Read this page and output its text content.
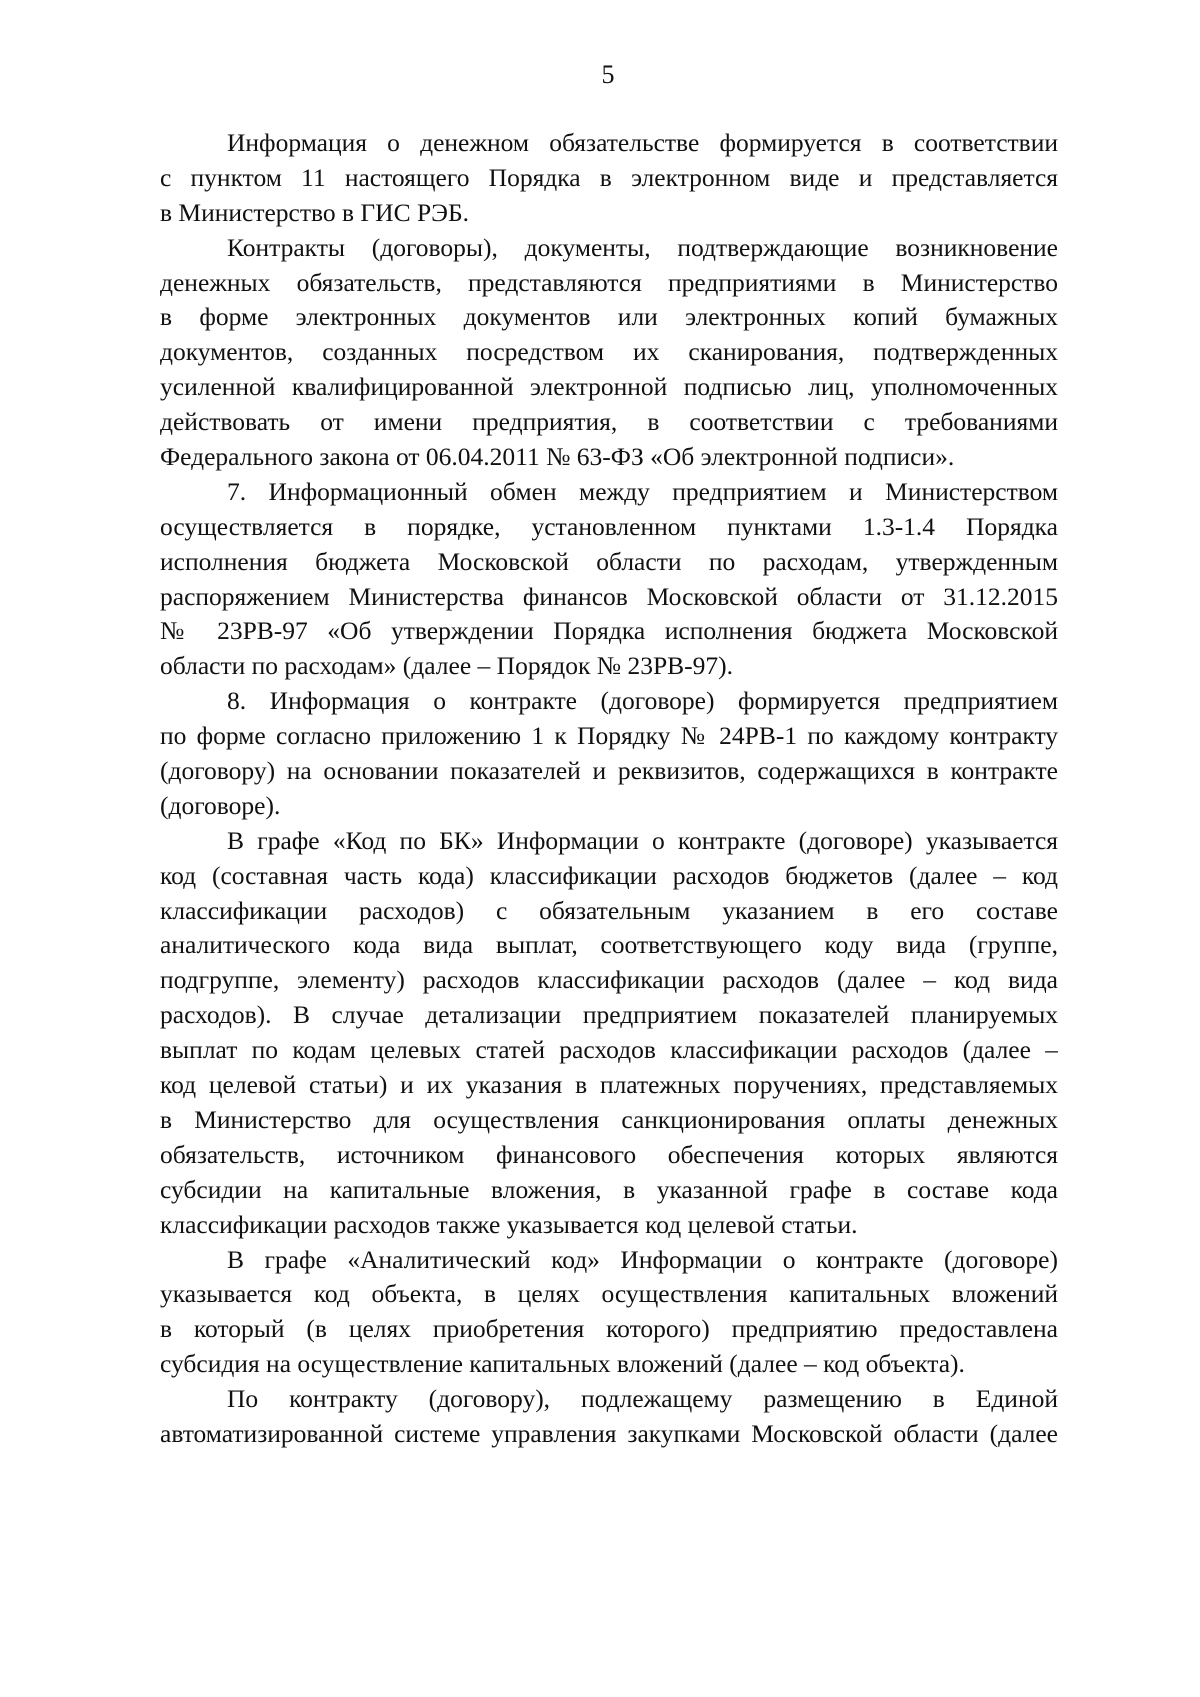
5
Информация о денежном обязательстве формируется в соответствии
с пунктом 11 настоящего Порядка в электронном виде и представляется
в Министерство в ГИС РЭБ.
Контракты (договоры), документы, подтверждающие возникновение
денежных обязательств, представляются предприятиями в Министерство
в форме электронных документов или электронных копий бумажных
документов, созданных посредством их сканирования, подтвержденных
усиленной квалифицированной электронной подписью лиц, уполномоченных
действовать от имени предприятия, в соответствии с требованиями
Федерального закона от 06.04.2011 № 63-ФЗ «Об электронной подписи».
7. Информационный обмен между предприятием и Министерством
осуществляется в порядке, установленном пунктами 1.3-1.4 Порядка
исполнения бюджета Московской области по расходам, утвержденным
распоряжением Министерства финансов Московской области от 31.12.2015
№ 23РВ-97 «Об утверждении Порядка исполнения бюджета Московской
области по расходам» (далее – Порядок № 23РВ-97).
8. Информация о контракте (договоре) формируется предприятием
по форме согласно приложению 1 к Порядку № 24РВ-1 по каждому контракту
(договору) на основании показателей и реквизитов, содержащихся в контракте
(договоре).
В графе «Код по БК» Информации о контракте (договоре) указывается
код (составная часть кода) классификации расходов бюджетов (далее – код
классификации расходов) с обязательным указанием в его составе
аналитического кода вида выплат, соответствующего коду вида (группе,
подгруппе, элементу) расходов классификации расходов (далее – код вида
расходов). В случае детализации предприятием показателей планируемых
выплат по кодам целевых статей расходов классификации расходов (далее –
код целевой статьи) и их указания в платежных поручениях, представляемых
в Министерство для осуществления санкционирования оплаты денежных
обязательств, источником финансового обеспечения которых являются
субсидии на капитальные вложения, в указанной графе в составе кода
классификации расходов также указывается код целевой статьи.
В графе «Аналитический код» Информации о контракте (договоре)
указывается код объекта, в целях осуществления капитальных вложений
в который (в целях приобретения которого) предприятию предоставлена
субсидия на осуществление капитальных вложений (далее – код объекта).
По контракту (договору), подлежащему размещению в Единой
автоматизированной системе управления закупками Московской области (далее
